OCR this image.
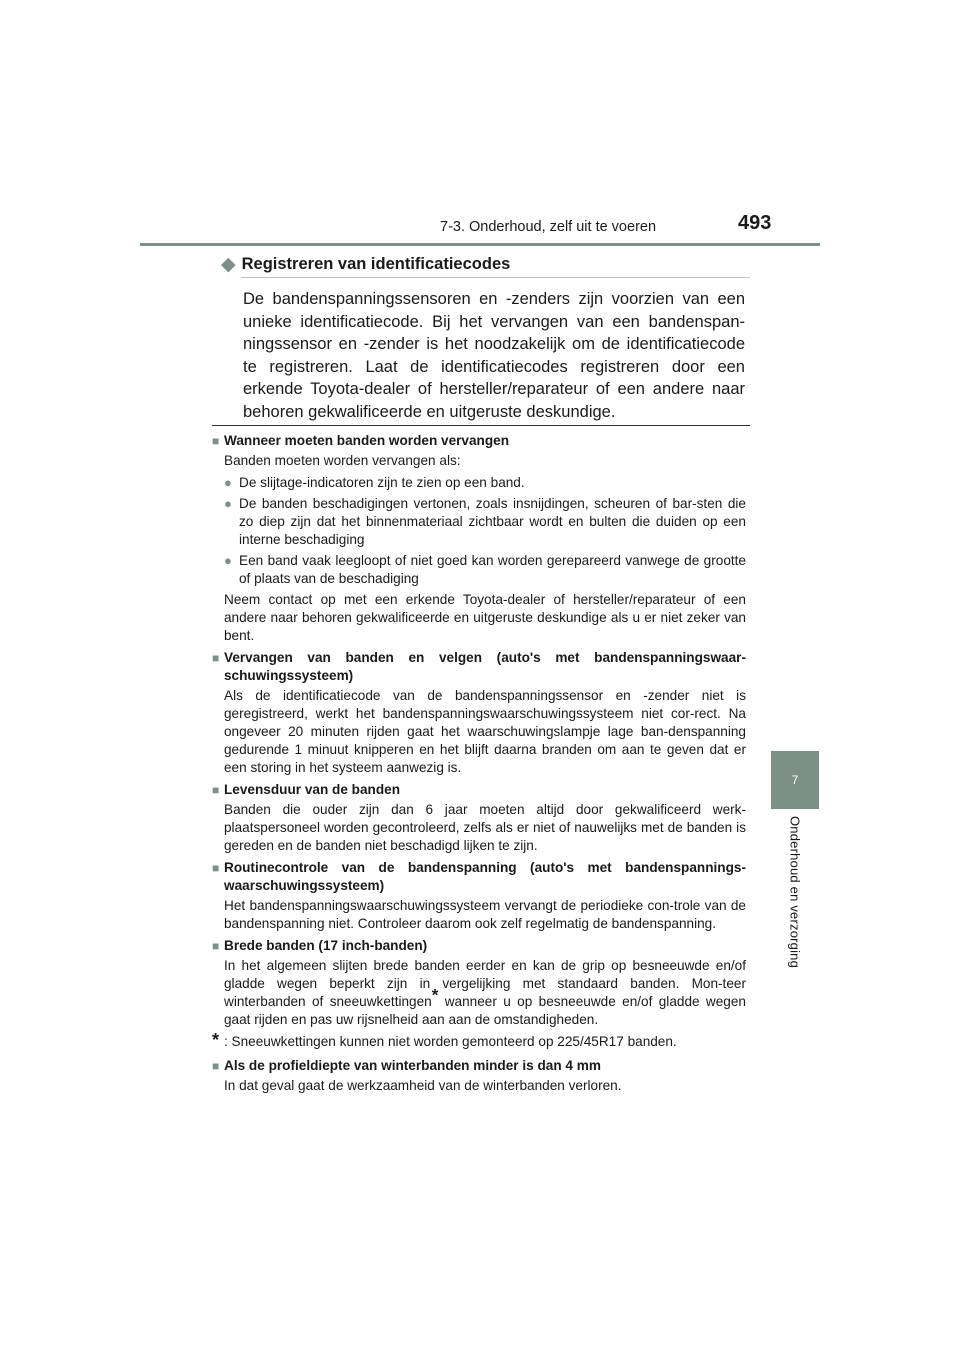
7-3. Onderhoud, zelf uit te voeren	493
7
Onderhoud en verzorging
◆ Registreren van identificatiecodes

De bandenspanningssensoren en -zenders zijn voorzien van een unieke identificatiecode. Bij het vervangen van een bandenspan-ningssensor en -zender is het noodzakelijk om de identificatiecode te registreren. Laat de identificatiecodes registreren door een erkende Toyota-dealer of hersteller/reparateur of een andere naar behoren gekwalificeerde en uitgeruste deskundige.

■ Wanneer moeten banden worden vervangen
Banden moeten worden vervangen als:
● De slijtage-indicatoren zijn te zien op een band.
● De banden beschadigingen vertonen, zoals insnijdingen, scheuren of bar-sten die zo diep zijn dat het binnenmateriaal zichtbaar wordt en bulten die duiden op een interne beschadiging
● Een band vaak leegloopt of niet goed kan worden gerepareerd vanwege de grootte of plaats van de beschadiging
Neem contact op met een erkende Toyota-dealer of hersteller/reparateur of een andere naar behoren gekwalificeerde en uitgeruste deskundige als u er niet zeker van bent.
■ Vervangen van banden en velgen (auto's met bandenspanningswaar-schuwingssysteem)
Als de identificatiecode van de bandenspanningssensor en -zender niet is geregistreerd, werkt het bandenspanningswaarschuwingssysteem niet cor-rect. Na ongeveer 20 minuten rijden gaat het waarschuwingslampje lage ban-denspanning gedurende 1 minuut knipperen en het blijft daarna branden om aan te geven dat er een storing in het systeem aanwezig is.
■ Levensduur van de banden
Banden die ouder zijn dan 6 jaar moeten altijd door gekwalificeerd werk-plaatspersoneel worden gecontroleerd, zelfs als er niet of nauwelijks met de banden is gereden en de banden niet beschadigd lijken te zijn.
■ Routinecontrole van de bandenspanning (auto's met bandenspannings-waarschuwingssysteem)
Het bandenspanningswaarschuwingssysteem vervangt de periodieke con-trole van de bandenspanning niet. Controleer daarom ook zelf regelmatig de bandenspanning.
■ Brede banden (17 inch-banden)
In het algemeen slijten brede banden eerder en kan de grip op besneeuwde en/of gladde wegen beperkt zijn in vergelijking met standaard banden. Mon-teer winterbanden of sneeuwkettingen* wanneer u op besneeuwde en/of gladde wegen gaat rijden en pas uw rijsnelheid aan aan de omstandigheden.
* : Sneeuwkettingen kunnen niet worden gemonteerd op 225/45R17 banden.
■ Als de profieldiepte van winterbanden minder is dan 4 mm
In dat geval gaat de werkzaamheid van de winterbanden verloren.
